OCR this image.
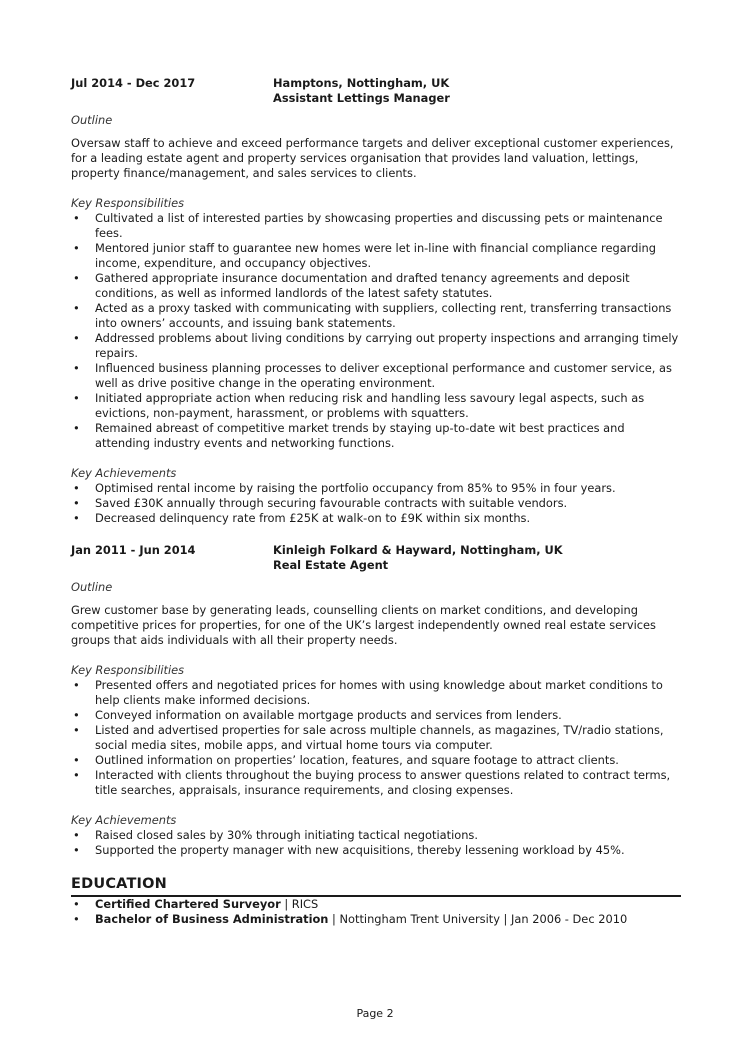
Jul 2014 - Dec 2017	Hamptons, Nottingham, UK
Assistant Lettings Manager
Outline
Oversaw staff to achieve and exceed performance targets and deliver exceptional customer experiences, for a leading estate agent and property services organisation that provides land valuation, lettings, property finance/management, and sales services to clients.
Key Responsibilities
• Cultivated a list of interested parties by showcasing properties and discussing pets or maintenance fees.
• Mentored junior staff to guarantee new homes were let in-line with financial compliance regarding income, expenditure, and occupancy objectives.
• Gathered appropriate insurance documentation and drafted tenancy agreements and deposit conditions, as well as informed landlords of the latest safety statutes.
• Acted as a proxy tasked with communicating with suppliers, collecting rent, transferring transactions into owners’ accounts, and issuing bank statements.
• Addressed problems about living conditions by carrying out property inspections and arranging timely repairs.
• Influenced business planning processes to deliver exceptional performance and customer service, as well as drive positive change in the operating environment.
• Initiated appropriate action when reducing risk and handling less savoury legal aspects, such as evictions, non-payment, harassment, or problems with squatters.
• Remained abreast of competitive market trends by staying up-to-date wit best practices and attending industry events and networking functions.
Key Achievements
• Optimised rental income by raising the portfolio occupancy from 85% to 95% in four years.
• Saved £30K annually through securing favourable contracts with suitable vendors.
• Decreased delinquency rate from £25K at walk-on to £9K within six months.
Jan 2011 - Jun 2014	Kinleigh Folkard & Hayward, Nottingham, UK
Real Estate Agent
Outline
Grew customer base by generating leads, counselling clients on market conditions, and developing competitive prices for properties, for one of the UK’s largest independently owned real estate services groups that aids individuals with all their property needs.
Key Responsibilities
• Presented offers and negotiated prices for homes with using knowledge about market conditions to help clients make informed decisions.
• Conveyed information on available mortgage products and services from lenders.
• Listed and advertised properties for sale across multiple channels, as magazines, TV/radio stations, social media sites, mobile apps, and virtual home tours via computer.
• Outlined information on properties’ location, features, and square footage to attract clients.
• Interacted with clients throughout the buying process to answer questions related to contract terms, title searches, appraisals, insurance requirements, and closing expenses.
Key Achievements
• Raised closed sales by 30% through initiating tactical negotiations.
• Supported the property manager with new acquisitions, thereby lessening workload by 45%.
EDUCATION
• Certified Chartered Surveyor | RICS
• Bachelor of Business Administration | Nottingham Trent University | Jan 2006 - Dec 2010
Page 2
